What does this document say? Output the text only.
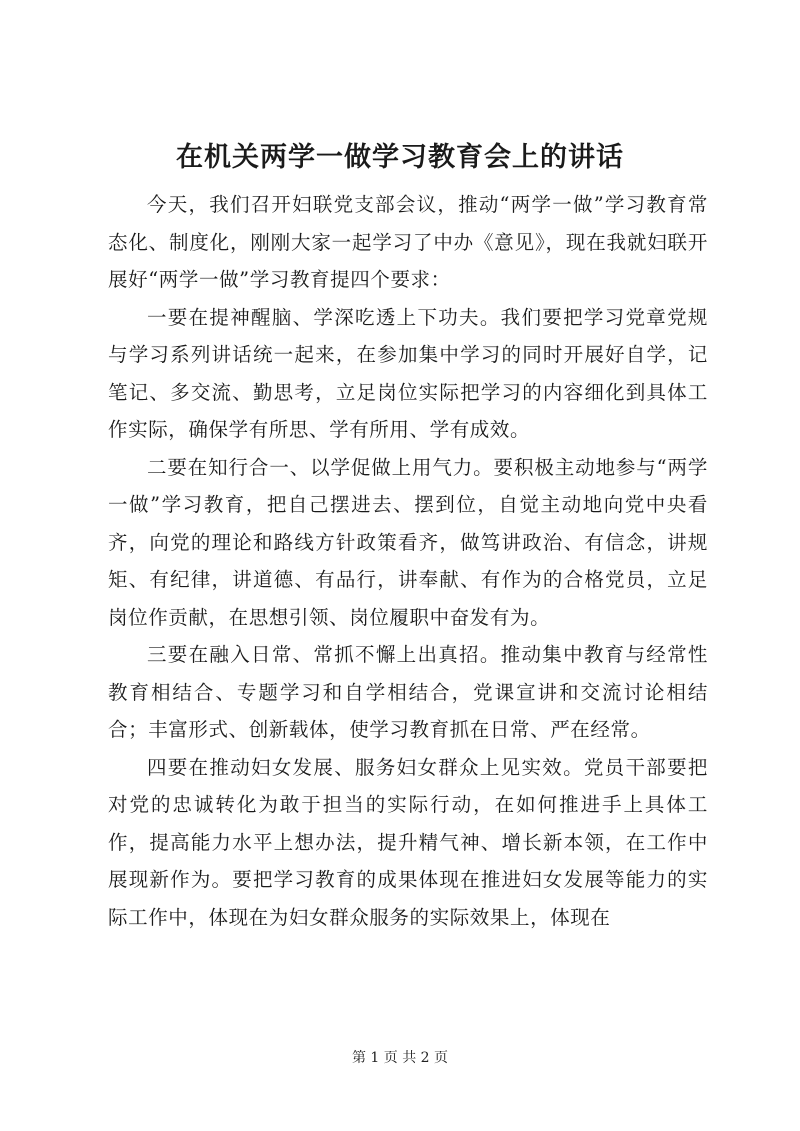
在机关两学一做学习教育会上的讲话

今天，我们召开妇联党支部会议，推动“两学一做”学习教育常态化、制度化，刚刚大家一起学习了中办《意见》，现在我就妇联开展好“两学一做”学习教育提四个要求：

一要在提神醒脑、学深吃透上下功夫。我们要把学习党章党规与学习系列讲话统一起来，在参加集中学习的同时开展好自学，记笔记、多交流、勤思考，立足岗位实际把学习的内容细化到具体工作实际，确保学有所思、学有所用、学有成效。

二要在知行合一、以学促做上用气力。要积极主动地参与“两学一做”学习教育，把自己摆进去、摆到位，自觉主动地向党中央看齐，向党的理论和路线方针政策看齐，做笃讲政治、有信念，讲规矩、有纪律，讲道德、有品行，讲奉献、有作为的合格党员，立足岗位作贡献，在思想引领、岗位履职中奋发有为。

三要在融入日常、常抓不懈上出真招。推动集中教育与经常性教育相结合、专题学习和自学相结合，党课宣讲和交流讨论相结合；丰富形式、创新载体，使学习教育抓在日常、严在经常。

四要在推动妇女发展、服务妇女群众上见实效。党员干部要把对党的忠诚转化为敢于担当的实际行动，在如何推进手上具体工作，提高能力水平上想办法，提升精气神、增长新本领，在工作中展现新作为。要把学习教育的成果体现在推进妇女发展等能力的实际工作中，体现在为妇女群众服务的实际效果上，体现在

第 1 页 共 2 页
